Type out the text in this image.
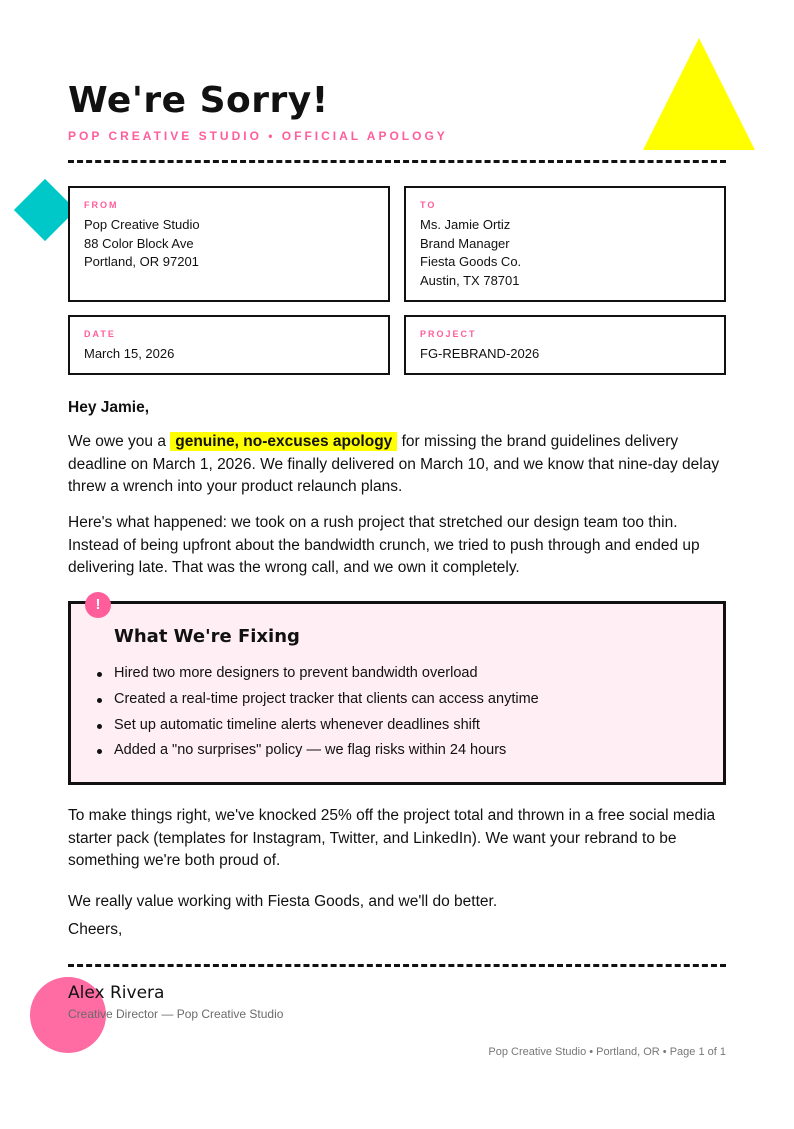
We're Sorry!
POP CREATIVE STUDIO • OFFICIAL APOLOGY
FROM
Pop Creative Studio
88 Color Block Ave
Portland, OR 97201
TO
Ms. Jamie Ortiz
Brand Manager
Fiesta Goods Co.
Austin, TX 78701
DATE
March 15, 2026
PROJECT
FG-REBRAND-2026

Hey Jamie,

We owe you a genuine, no-excuses apology for missing the brand guidelines delivery deadline on March 1, 2026. We finally delivered on March 10, and we know that nine-day delay threw a wrench into your product relaunch plans.

Here's what happened: we took on a rush project that stretched our design team too thin. Instead of being upfront about the bandwidth crunch, we tried to push through and ended up delivering late. That was the wrong call, and we own it completely.

!
What We're Fixing
Hired two more designers to prevent bandwidth overload
Created a real-time project tracker that clients can access anytime
Set up automatic timeline alerts whenever deadlines shift
Added a "no surprises" policy — we flag risks within 24 hours

To make things right, we've knocked 25% off the project total and thrown in a free social media starter pack (templates for Instagram, Twitter, and LinkedIn). We want your rebrand to be something we're both proud of.

We really value working with Fiesta Goods, and we'll do better.

Cheers,

Alex Rivera
Creative Director — Pop Creative Studio
Pop Creative Studio • Portland, OR • Page 1 of 1
